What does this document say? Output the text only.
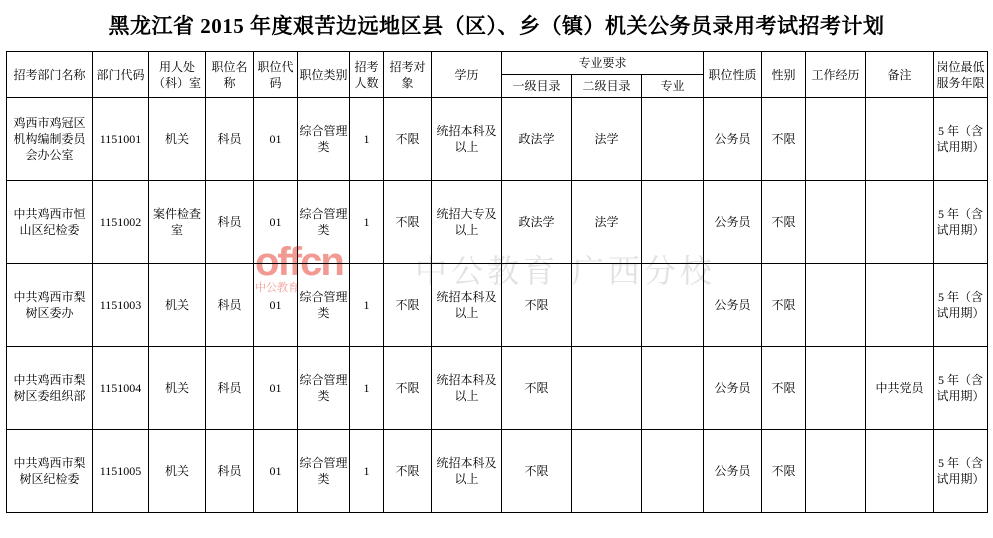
黑龙江省 2015 年度艰苦边远地区县（区）、乡（镇）机关公务员录用考试招考计划
offcn
中公教育	中公教育 广西分校
招考部门名称	部门代码	用人处（科）室	职位名称	职位代码	职位类别	招考人数	招考对象	学历	专业要求			职位性质	性别	工作经历	备注	岗位最低服务年限
									一级目录	二级目录	专业					
鸡西市鸡冠区机构编制委员会办公室	1151001	机关	科员	01	综合管理类	1	不限	统招本科及以上	政法学	法学		公务员	不限			5 年（含试用期）
中共鸡西市恒山区纪检委	1151002	案件检查室	科员	01	综合管理类	1	不限	统招大专及以上	政法学	法学		公务员	不限			5 年（含试用期）
中共鸡西市梨树区委办	1151003	机关	科员	01	综合管理类	1	不限	统招本科及以上	不限			公务员	不限			5 年（含试用期）
中共鸡西市梨树区委组织部	1151004	机关	科员	01	综合管理类	1	不限	统招本科及以上	不限			公务员	不限		中共党员	5 年（含试用期）
中共鸡西市梨树区纪检委	1151005	机关	科员	01	综合管理类	1	不限	统招本科及以上	不限			公务员	不限			5 年（含试用期）
